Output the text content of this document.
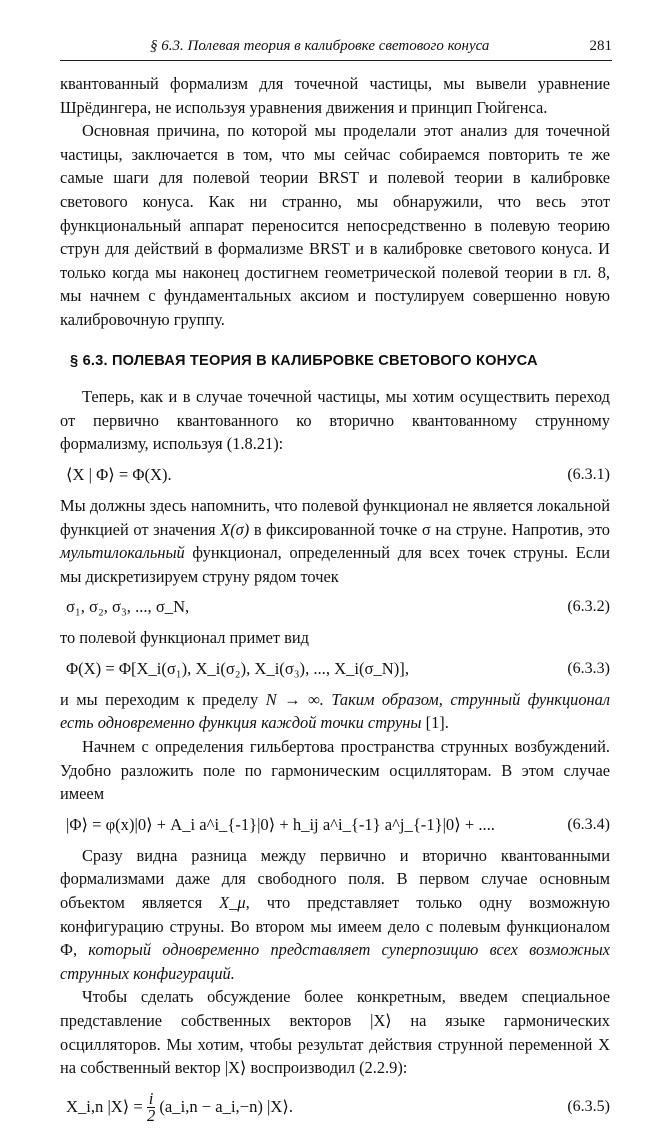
§ 6.3. Полевая теория в калибровке светового конуса	281

квантованный формализм для точечной частицы, мы вывели уравнение Шрёдингера, не используя уравнения движения и принцип Гюйгенса.

Основная причина, по которой мы проделали этот анализ для точечной частицы, заключается в том, что мы сейчас собираемся повторить те же самые шаги для полевой теории BRST и полевой теории в калибровке светового конуса. Как ни странно, мы обнаружили, что весь этот функциональный аппарат переносится непосредственно в полевую теорию струн для действий в формализме BRST и в калибровке светового конуса. И только когда мы наконец достигнем геометрической полевой теории в гл. 8, мы начнем с фундаментальных аксиом и постулируем совершенно новую калибровочную группу.

§ 6.3. ПОЛЕВАЯ ТЕОРИЯ В КАЛИБРОВКЕ СВЕТОВОГО КОНУСА

Теперь, как и в случае точечной частицы, мы хотим осуществить переход от первично квантованного ко вторично квантованному струнному формализму, используя (1.8.21):

⟨X | Φ⟩ = Φ(X).	(6.3.1)

Мы должны здесь напомнить, что полевой функционал не является локальной функцией от значения X(σ) в фиксированной точке σ на струне. Напротив, это мультилокальный функционал, определенный для всех точек струны. Если мы дискретизируем струну рядом точек

σ₁, σ₂, σ₃, ..., σ_N,	(6.3.2)

то полевой функционал примет вид

Φ(X) = Φ[X_i(σ₁), X_i(σ₂), X_i(σ₃), ..., X_i(σ_N)],	(6.3.3)

и мы переходим к пределу N → ∞. Таким образом, струнный функционал есть одновременно функция каждой точки струны [1].

Начнем с определения гильбертова пространства струнных возбуждений. Удобно разложить поле по гармоническим осцилляторам. В этом случае имеем

|Φ⟩ = φ(x)|0⟩ + A_i a^i_{-1}|0⟩ + h_ij a^i_{-1} a^j_{-1}|0⟩ + ....	(6.3.4)

Сразу видна разница между первично и вторично квантованными формализмами даже для свободного поля. В первом случае основным объектом является X_μ, что представляет только одну возможную конфигурацию струны. Во втором мы имеем дело с полевым функционалом Ф, который одновременно представляет суперпозицию всех возможных струнных конфигураций.

Чтобы сделать обсуждение более конкретным, введем специальное представление собственных векторов |X⟩ на языке гармонических осцилляторов. Мы хотим, чтобы результат действия струнной переменной X на собственный вектор |X⟩ воспроизводил (2.2.9):

X_i,n |X⟩ = $\frac{i}{2}$ (a_i,n − a_i,−n) |X⟩.	(6.3.5)
